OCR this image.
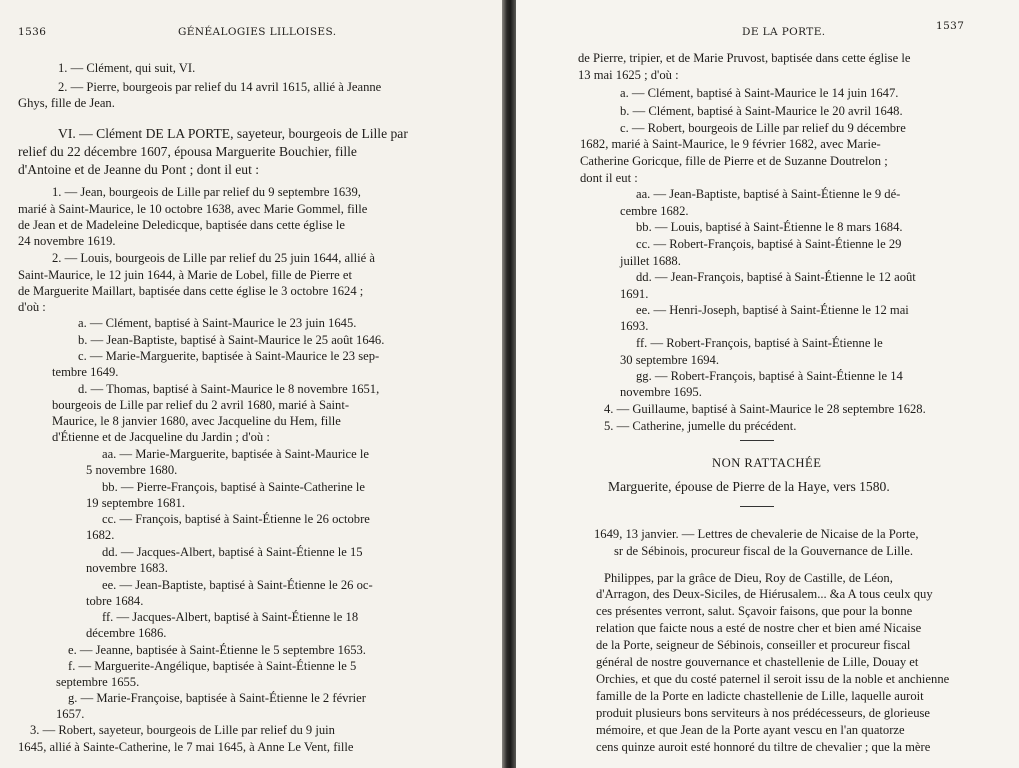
1536	GÉNÉALOGIES LILLOISES.
1. — Clément, qui suit, VI.
2. — Pierre, bourgeois par relief du 14 avril 1615, allié à Jeanne
Ghys, fille de Jean.
VI. — Clément DE LA PORTE, sayeteur, bourgeois de Lille par
relief du 22 décembre 1607, épousa Marguerite Bouchier, fille
d'Antoine et de Jeanne du Pont ; dont il eut :
1. — Jean, bourgeois de Lille par relief du 9 septembre 1639,
marié à Saint-Maurice, le 10 octobre 1638, avec Marie Gommel, fille
de Jean et de Madeleine Deledicque, baptisée dans cette église le
24 novembre 1619.
2. — Louis, bourgeois de Lille par relief du 25 juin 1644, allié à
Saint-Maurice, le 12 juin 1644, à Marie de Lobel, fille de Pierre et
de Marguerite Maillart, baptisée dans cette église le 3 octobre 1624 ;
d'où :
a. — Clément, baptisé à Saint-Maurice le 23 juin 1645.
b. — Jean-Baptiste, baptisé à Saint-Maurice le 25 août 1646.
c. — Marie-Marguerite, baptisée à Saint-Maurice le 23 sep-
tembre 1649.
d. — Thomas, baptisé à Saint-Maurice le 8 novembre 1651,
bourgeois de Lille par relief du 2 avril 1680, marié à Saint-
Maurice, le 8 janvier 1680, avec Jacqueline du Hem, fille
d'Étienne et de Jacqueline du Jardin ; d'où :
aa. — Marie-Marguerite, baptisée à Saint-Maurice le
5 novembre 1680.
bb. — Pierre-François, baptisé à Sainte-Catherine le
19 septembre 1681.
cc. — François, baptisé à Saint-Étienne le 26 octobre
1682.
dd. — Jacques-Albert, baptisé à Saint-Étienne le 15
novembre 1683.
ee. — Jean-Baptiste, baptisé à Saint-Étienne le 26 oc-
tobre 1684.
ff. — Jacques-Albert, baptisé à Saint-Étienne le 18
décembre 1686.
e. — Jeanne, baptisée à Saint-Étienne le 5 septembre 1653.
f. — Marguerite-Angélique, baptisée à Saint-Étienne le 5
septembre 1655.
g. — Marie-Françoise, baptisée à Saint-Étienne le 2 février
1657.
3. — Robert, sayeteur, bourgeois de Lille par relief du 9 juin
1645, allié à Sainte-Catherine, le 7 mai 1645, à Anne Le Vent, fille
DE LA PORTE.	1537
de Pierre, tripier, et de Marie Pruvost, baptisée dans cette église le
13 mai 1625 ; d'où :
a. — Clément, baptisé à Saint-Maurice le 14 juin 1647.
b. — Clément, baptisé à Saint-Maurice le 20 avril 1648.
c. — Robert, bourgeois de Lille par relief du 9 décembre
1682, marié à Saint-Maurice, le 9 février 1682, avec Marie-
Catherine Goricque, fille de Pierre et de Suzanne Doutrelon ;
dont il eut :
aa. — Jean-Baptiste, baptisé à Saint-Étienne le 9 dé-
cembre 1682.
bb. — Louis, baptisé à Saint-Étienne le 8 mars 1684.
cc. — Robert-François, baptisé à Saint-Étienne le 29
juillet 1688.
dd. — Jean-François, baptisé à Saint-Étienne le 12 août
1691.
ee. — Henri-Joseph, baptisé à Saint-Étienne le 12 mai
1693.
ff. — Robert-François, baptisé à Saint-Étienne le
30 septembre 1694.
gg. — Robert-François, baptisé à Saint-Étienne le 14
novembre 1695.
4. — Guillaume, baptisé à Saint-Maurice le 28 septembre 1628.
5. — Catherine, jumelle du précédent.
NON RATTACHÉE
Marguerite, épouse de Pierre de la Haye, vers 1580.
1649, 13 janvier. — Lettres de chevalerie de Nicaise de la Porte,
sr de Sébinois, procureur fiscal de la Gouvernance de Lille.
Philippes, par la grâce de Dieu, Roy de Castille, de Léon,
d'Arragon, des Deux-Siciles, de Hiérusalem... &a A tous ceulx quy
ces présentes verront, salut. Sçavoir faisons, que pour la bonne
relation que faicte nous a esté de nostre cher et bien amé Nicaise
de la Porte, seigneur de Sébinois, conseiller et procureur fiscal
général de nostre gouvernance et chastellenie de Lille, Douay et
Orchies, et que du costé paternel il seroit issu de la noble et anchienne
famille de la Porte en ladicte chastellenie de Lille, laquelle auroit
produit plusieurs bons serviteurs à nos prédécesseurs, de glorieuse
mémoire, et que Jean de la Porte ayant vescu en l'an quatorze
cens quinze auroit esté honnoré du tiltre de chevalier ; que la mère
